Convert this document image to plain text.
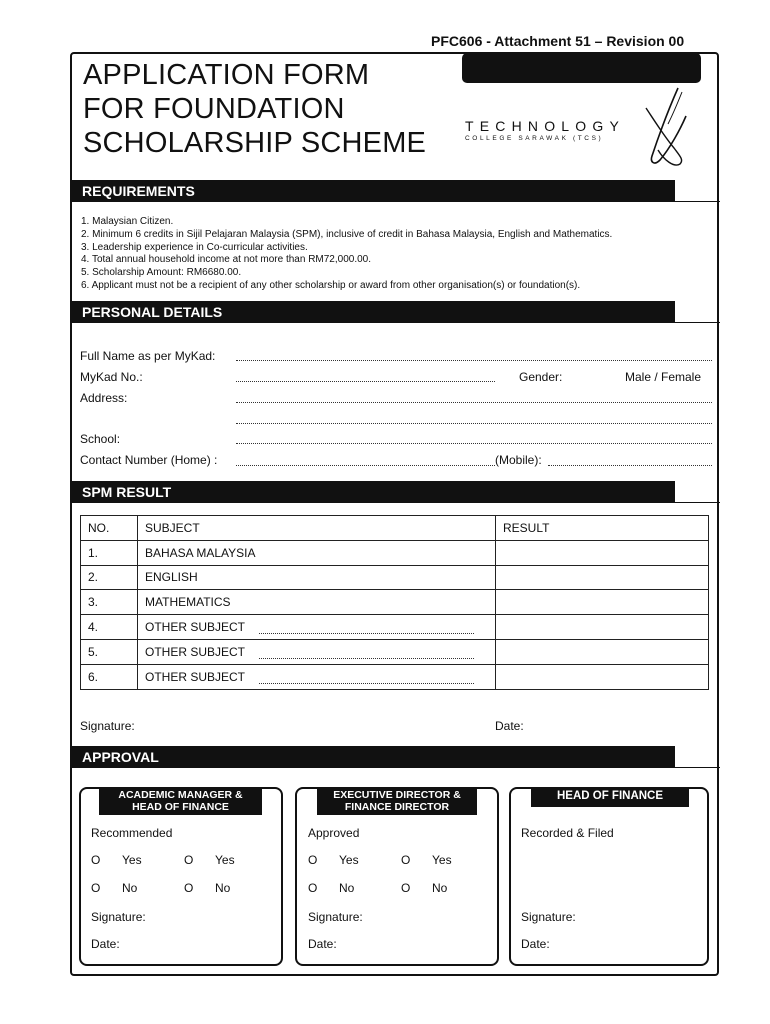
PFC606 - Attachment 51 – Revision 00
APPLICATION FORM
FOR FOUNDATION
SCHOLARSHIP SCHEME
TECHNOLOGY
COLLEGE SARAWAK (TCS)
REQUIREMENTS
1. Malaysian Citizen.
2. Minimum 6 credits in Sijil Pelajaran Malaysia (SPM), inclusive of credit in Bahasa Malaysia, English and Mathematics.
3. Leadership experience in Co-curricular activities.
4. Total annual household income at not more than RM72,000.00.
5. Scholarship Amount: RM6680.00.
6. Applicant must not be a recipient of any other scholarship or award from other organisation(s) or foundation(s).
PERSONAL DETAILS
Full Name as per MyKad:
MyKad No.:	Gender:	Male / Female
Address:
School:
Contact Number (Home) :	(Mobile):
SPM RESULT
NO.	SUBJECT	RESULT
1.	BAHASA MALAYSIA	
2.	ENGLISH	
3.	MATHEMATICS	
4.	OTHER SUBJECT	
5.	OTHER SUBJECT	
6.	OTHER SUBJECT	
Signature:	Date:
APPROVAL
ACADEMIC MANAGER &
HEAD OF FINANCE
Recommended
O Yes	O Yes
O No	O No
Signature:
Date:
EXECUTIVE DIRECTOR &
FINANCE DIRECTOR
Approved
O Yes	O Yes
O No	O No
Signature:
Date:
HEAD OF FINANCE
Recorded & Filed
Signature:
Date:
